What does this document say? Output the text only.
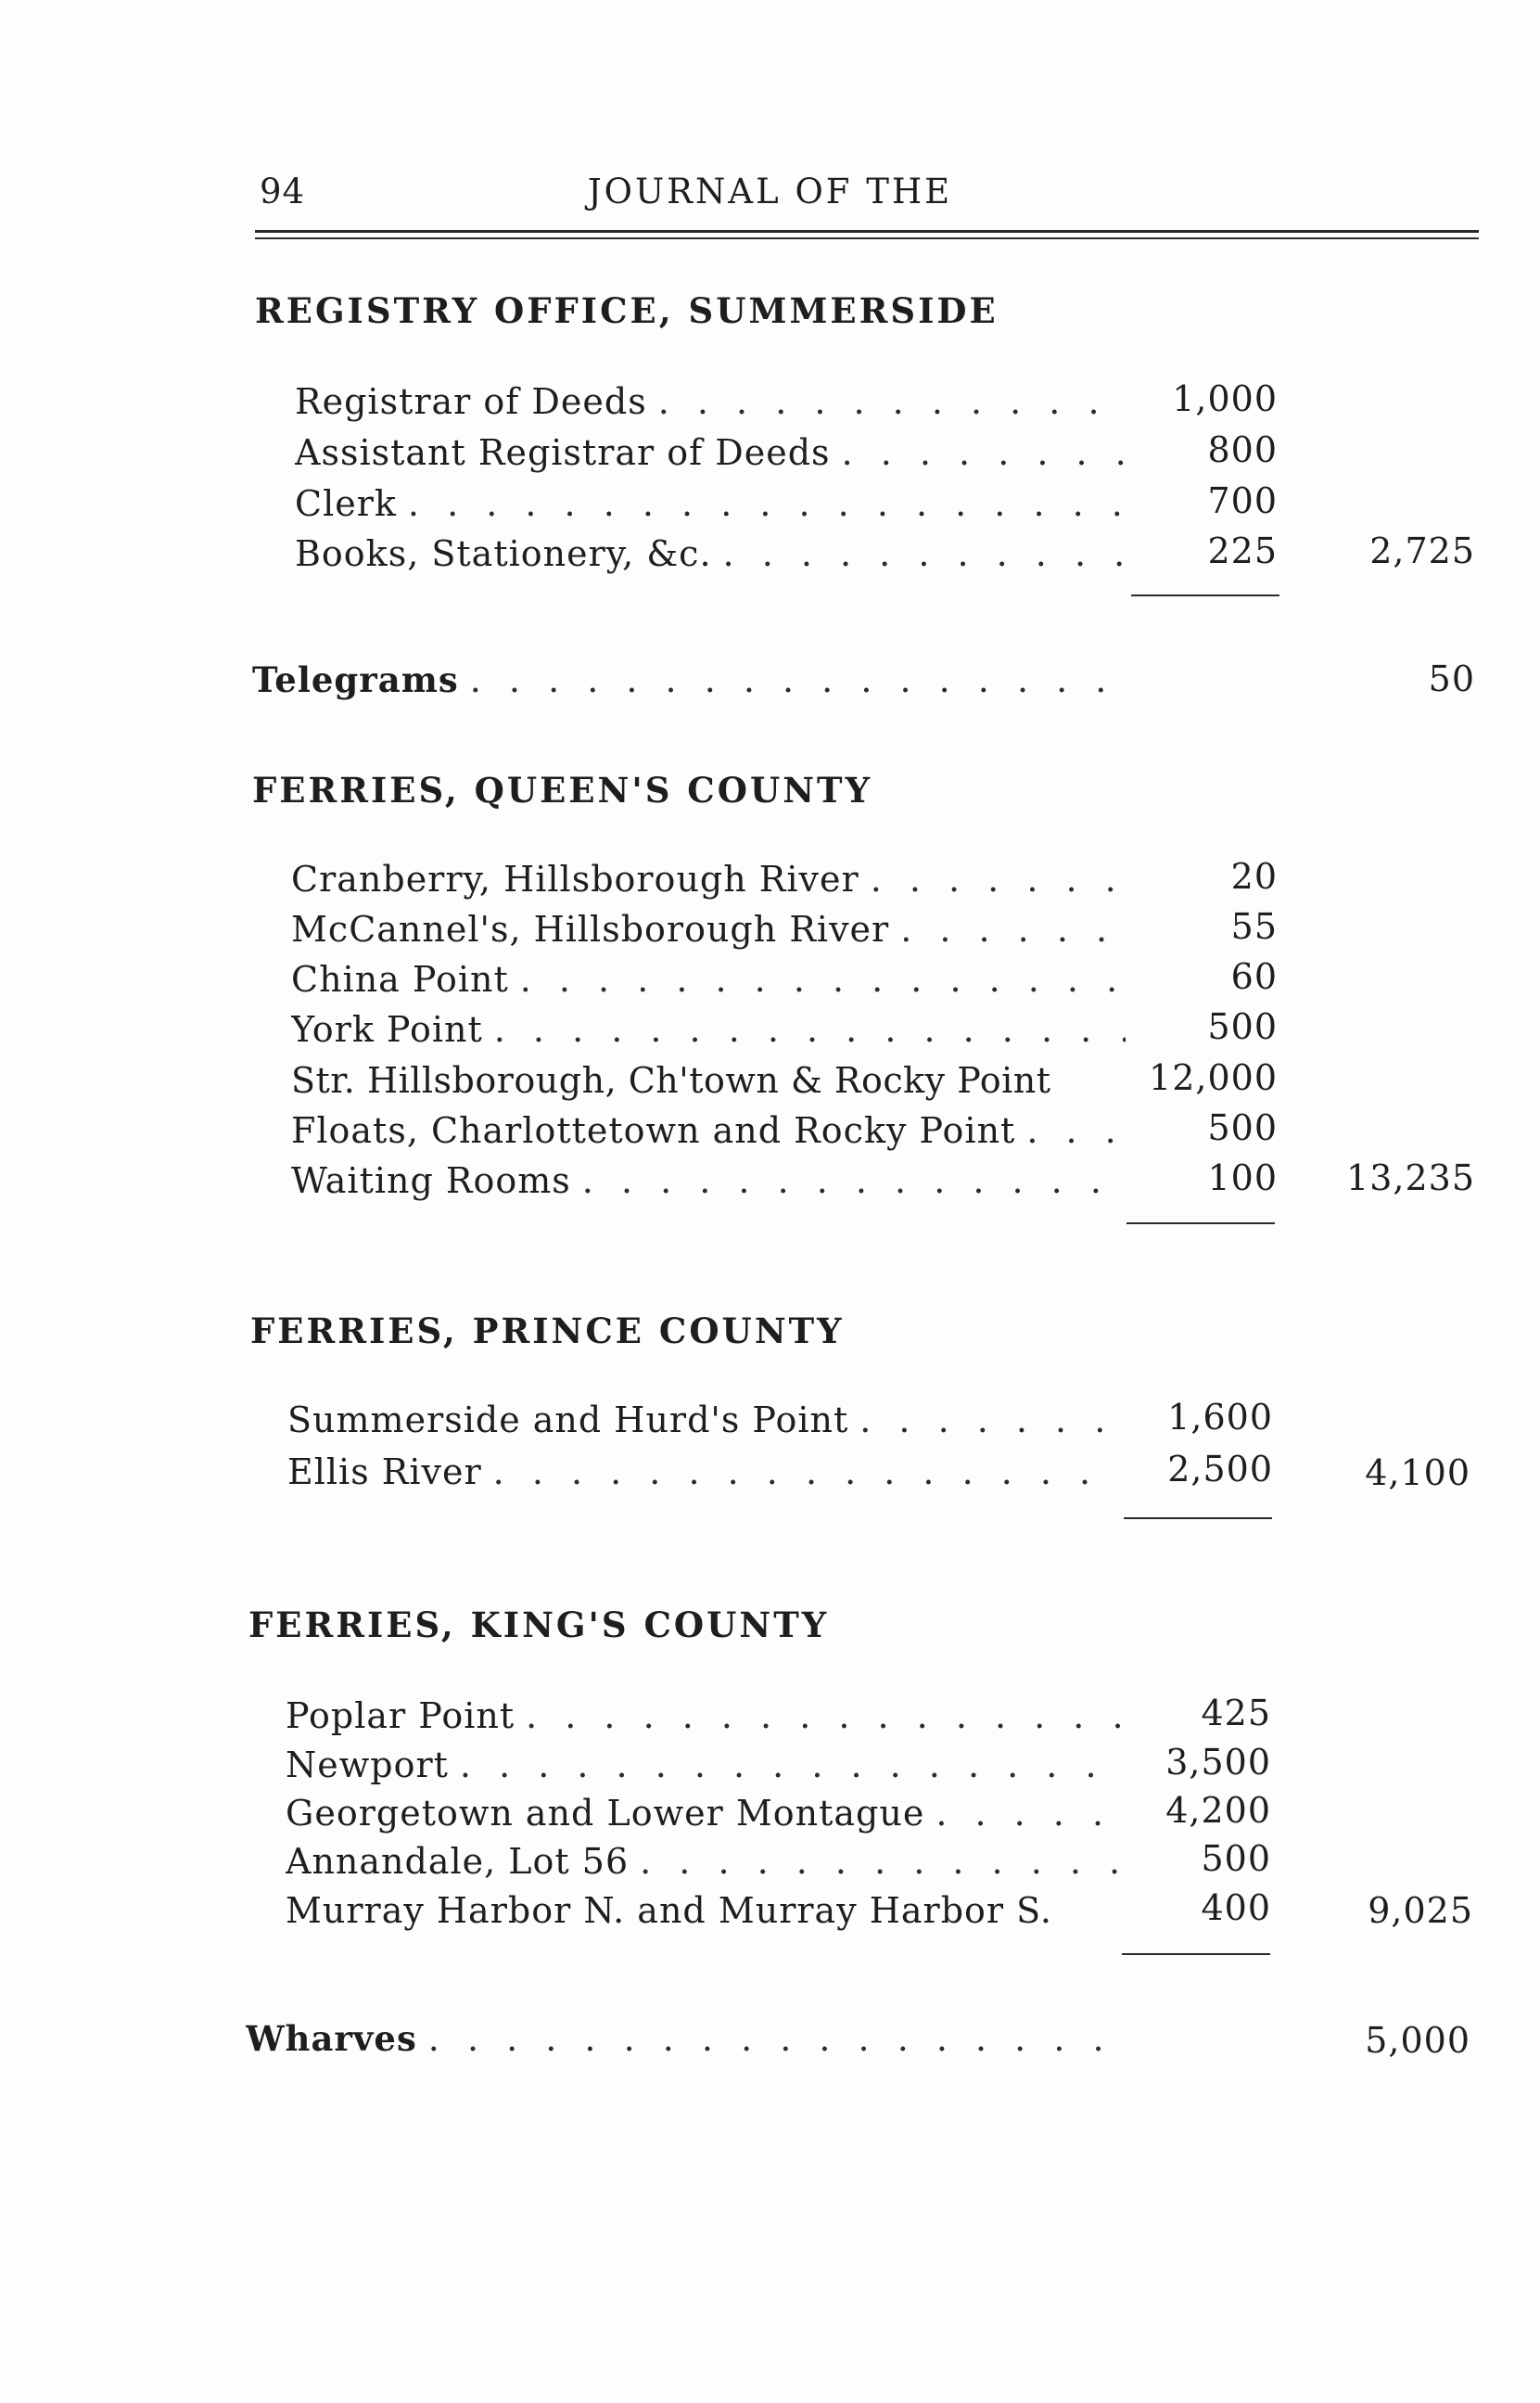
94	JOURNAL OF THE
REGISTRY OFFICE, SUMMERSIDE
Registrar of Deeds . . .	1,000
Assistant Registrar of Deeds . . .	800
Clerk . . .	700
Books, Stationery, &c. . . .	225	2,725
Telegrams . . .	50
FERRIES, QUEEN'S COUNTY
Cranberry, Hillsborough River . . .	20
McCannel's, Hillsborough River . . .	55
China Point . . .	60
York Point . . .	500
Str. Hillsborough, Ch'town & Rocky Point	12,000
Floats, Charlottetown and Rocky Point . . .	500
Waiting Rooms . . .	100	13,235
FERRIES, PRINCE COUNTY
Summerside and Hurd's Point . . .	1,600
Ellis River . . .	2,500	4,100
FERRIES, KING'S COUNTY
Poplar Point . . .	425
Newport . . .	3,500
Georgetown and Lower Montague . . .	4,200
Annandale, Lot 56 . . .	500
Murray Harbor N. and Murray Harbor S.	400	9,025
Wharves . . .	5,000
